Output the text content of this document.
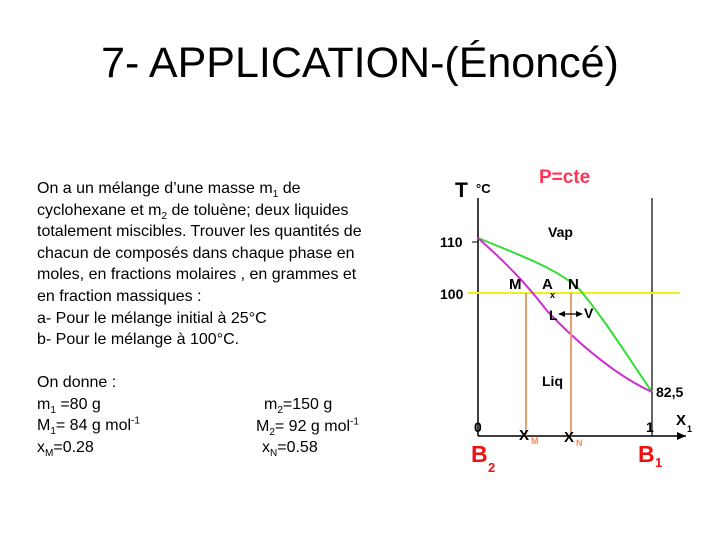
7- APPLICATION-(Énoncé)

On a un mélange d’une masse $m_1$ de

cyclohexane et $m_2$ de toluène; deux liquides

totalement miscibles. Trouver les quantités de

chacun de composés dans chaque phase en

moles, en fractions molaires , en grammes et

en fraction massiques :

a- Pour le mélange initial à 25°C

b- Pour le mélange à 100°C.

On donne :
$m_1 =80$ g
$M_1= 84$ g mol$^{-1}$
$x_M=0.28$
$m_2=150$ g
$M_2= 92$ g mol$^{-1}$
$x_N=0.58$
P=cte
T °C
110
100
Vap
Liq
M A
x
N
L V
82,5
0	1 X 1
X M X N
B
2
B 1
